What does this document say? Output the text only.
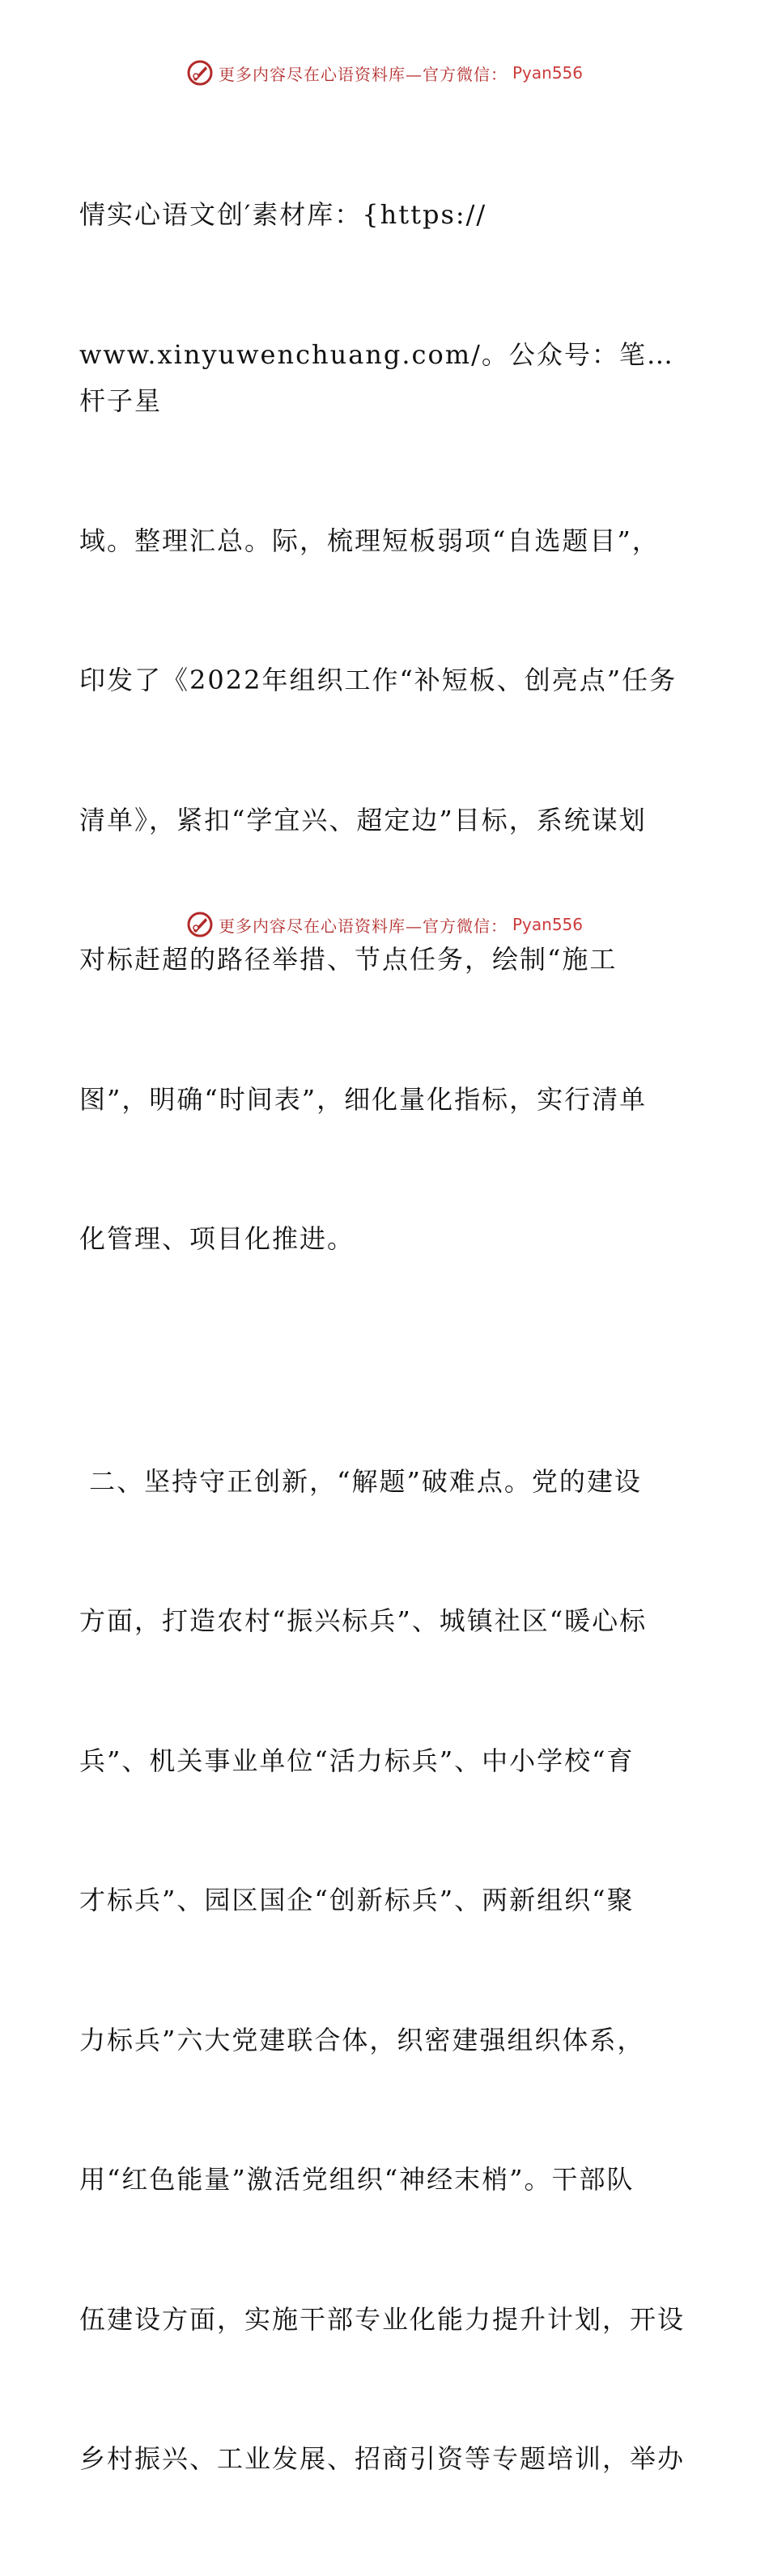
更多内容尽在心语资料库—官方微信： Pyan556

情实心语文创′素材库：{https://

www.xinyuwenchuang.com/。公众号：笔…杆子星

域。整理汇总。际，梳理短板弱项“自选题目”，

印发了《2022年组织工作“补短板、创亮点”任务

清单》，紧扣“学宜兴、超定边”目标，系统谋划

对标赶超的路径举措、节点任务，绘制“施工

图”，明确“时间表”，细化量化指标，实行清单

化管理、项目化推进。

二、坚持守正创新，“解题”破难点。党的建设

方面，打造农村“振兴标兵”、城镇社区“暖心标

兵”、机关事业单位“活力标兵”、中小学校“育

才标兵”、园区国企“创新标兵”、两新组织“聚

力标兵”六大党建联合体，织密建强组织体系，

用“红色能量”激活党组织“神经末梢”。干部队

伍建设方面，实施干部专业化能力提升计划，开设

乡村振兴、工业发展、招商引资等专题培训，举办

更多内容尽在心语资料库—官方微信： Pyan556
